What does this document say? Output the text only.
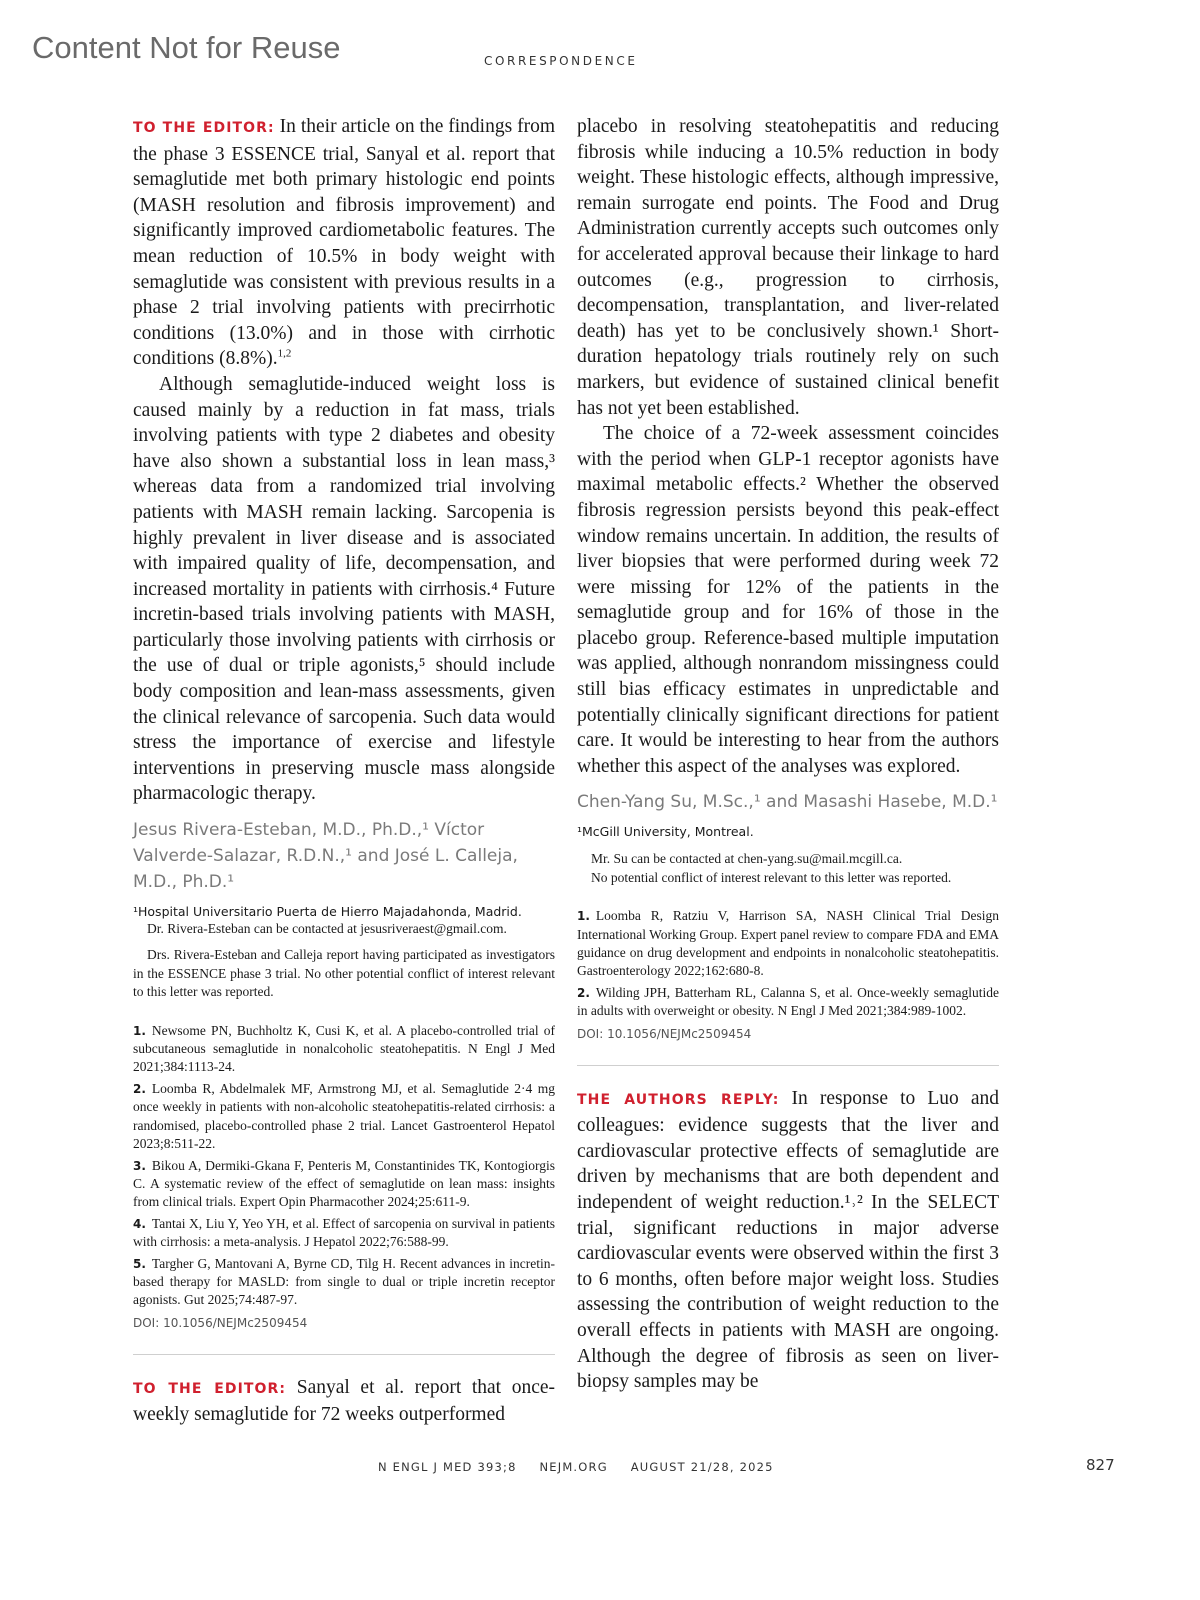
Content Not for Reuse	CORRESPONDENCE

TO THE EDITOR: In their article on the findings from the phase 3 ESSENCE trial, Sanyal et al. report that semaglutide met both primary histologic end points (MASH resolution and fibrosis improvement) and significantly improved cardiometabolic features. The mean reduction of 10.5% in body weight with semaglutide was consistent with previous results in a phase 2 trial involving patients with precirrhotic conditions (13.0%) and in those with cirrhotic conditions (8.8%).$^{1,2}$

Although semaglutide-induced weight loss is caused mainly by a reduction in fat mass, trials involving patients with type 2 diabetes and obesity have also shown a substantial loss in lean mass,³ whereas data from a randomized trial involving patients with MASH remain lacking. Sarcopenia is highly prevalent in liver disease and is associated with impaired quality of life, decompensation, and increased mortality in patients with cirrhosis.⁴ Future incretin-based trials involving patients with MASH, particularly those involving patients with cirrhosis or the use of dual or triple agonists,⁵ should include body composition and lean-mass assessments, given the clinical relevance of sarcopenia. Such data would stress the importance of exercise and lifestyle interventions in preserving muscle mass alongside pharmacologic therapy.

Jesus Rivera-Esteban, M.D., Ph.D.,¹ Víctor Valverde-Salazar, R.D.N.,¹ and José L. Calleja, M.D., Ph.D.¹
¹Hospital Universitario Puerta de Hierro Majadahonda, Madrid.

Dr. Rivera-Esteban can be contacted at jesusriveraest@gmail.com.

Drs. Rivera-Esteban and Calleja report having participated as investigators in the ESSENCE phase 3 trial. No other potential conflict of interest relevant to this letter was reported.

1. Newsome PN, Buchholtz K, Cusi K, et al. A placebo-controlled trial of subcutaneous semaglutide in nonalcoholic steatohepatitis. N Engl J Med 2021;384:1113-24.

2. Loomba R, Abdelmalek MF, Armstrong MJ, et al. Semaglutide 2·4 mg once weekly in patients with non-alcoholic steatohepatitis-related cirrhosis: a randomised, placebo-controlled phase 2 trial. Lancet Gastroenterol Hepatol 2023;8:511-22.

3. Bikou A, Dermiki-Gkana F, Penteris M, Constantinides TK, Kontogiorgis C. A systematic review of the effect of semaglutide on lean mass: insights from clinical trials. Expert Opin Pharmacother 2024;25:611-9.

4. Tantai X, Liu Y, Yeo YH, et al. Effect of sarcopenia on survival in patients with cirrhosis: a meta-analysis. J Hepatol 2022;76:588-99.

5. Targher G, Mantovani A, Byrne CD, Tilg H. Recent advances in incretin-based therapy for MASLD: from single to dual or triple incretin receptor agonists. Gut 2025;74:487-97.

DOI: 10.1056/NEJMc2509454

TO THE EDITOR: Sanyal et al. report that once-weekly semaglutide for 72 weeks outperformed

placebo in resolving steatohepatitis and reducing fibrosis while inducing a 10.5% reduction in body weight. These histologic effects, although impressive, remain surrogate end points. The Food and Drug Administration currently accepts such outcomes only for accelerated approval because their linkage to hard outcomes (e.g., progression to cirrhosis, decompensation, transplantation, and liver-related death) has yet to be conclusively shown.¹ Short-duration hepatology trials routinely rely on such markers, but evidence of sustained clinical benefit has not yet been established.

The choice of a 72-week assessment coincides with the period when GLP-1 receptor agonists have maximal metabolic effects.² Whether the observed fibrosis regression persists beyond this peak-effect window remains uncertain. In addition, the results of liver biopsies that were performed during week 72 were missing for 12% of the patients in the semaglutide group and for 16% of those in the placebo group. Reference-based multiple imputation was applied, although nonrandom missingness could still bias efficacy estimates in unpredictable and potentially clinically significant directions for patient care. It would be interesting to hear from the authors whether this aspect of the analyses was explored.

Chen-Yang Su, M.Sc.,¹ and Masashi Hasebe, M.D.¹
¹McGill University, Montreal.

Mr. Su can be contacted at chen-yang.su@mail.mcgill.ca.

No potential conflict of interest relevant to this letter was reported.

1. Loomba R, Ratziu V, Harrison SA, NASH Clinical Trial Design International Working Group. Expert panel review to compare FDA and EMA guidance on drug development and endpoints in nonalcoholic steatohepatitis. Gastroenterology 2022;162:680-8.

2. Wilding JPH, Batterham RL, Calanna S, et al. Once-weekly semaglutide in adults with overweight or obesity. N Engl J Med 2021;384:989-1002.

DOI: 10.1056/NEJMc2509454

THE AUTHORS REPLY: In response to Luo and colleagues: evidence suggests that the liver and cardiovascular protective effects of semaglutide are driven by mechanisms that are both dependent and independent of weight reduction.¹˒² In the SELECT trial, significant reductions in major adverse cardiovascular events were observed within the first 3 to 6 months, often before major weight loss. Studies assessing the contribution of weight reduction to the overall effects in patients with MASH are ongoing. Although the degree of fibrosis as seen on liver-biopsy samples may be

N ENGL J MED 393;8 NEJM.ORG AUGUST 21/28, 2025	827
